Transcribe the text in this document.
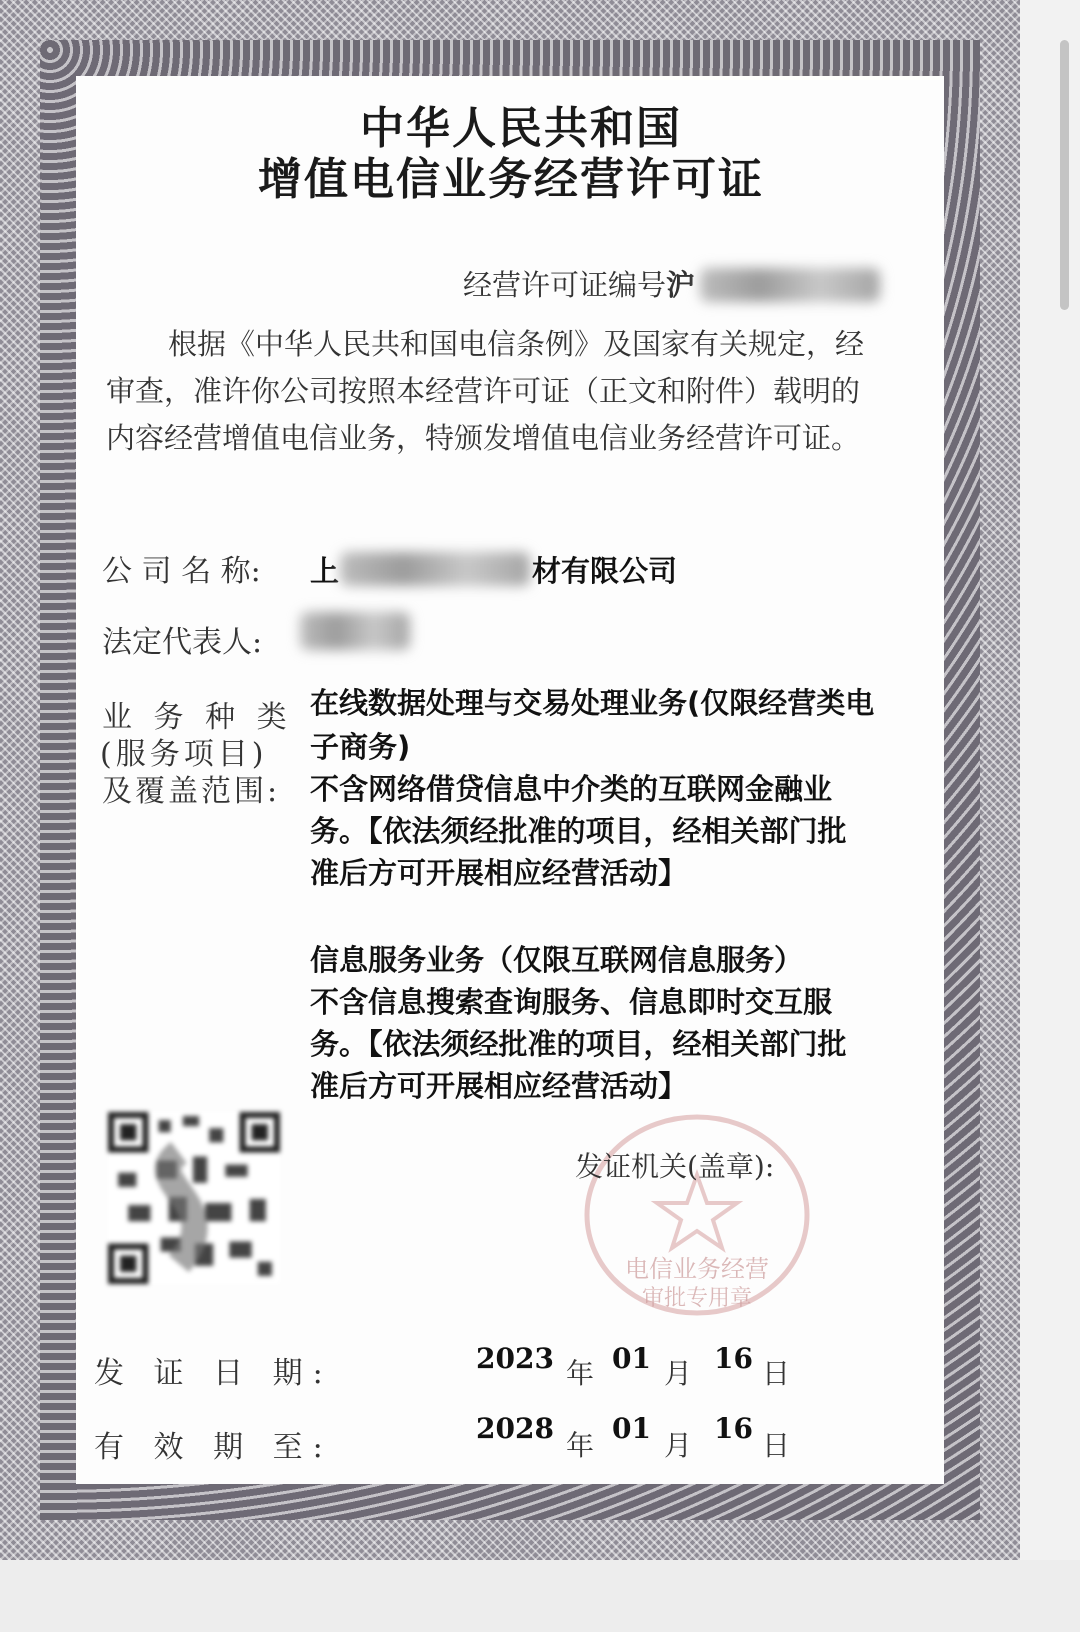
中华人民共和国
增值电信业务经营许可证
经营许可证编号沪
根据《中华人民共和国电信条例》及国家有关规定，经
审查，准许你公司按照本经营许可证（正文和附件）载明的
内容经营增值电信业务，特颁发增值电信业务经营许可证。
公 司 名 称: 上	材有限公司
法定代表人:
业 务 种 类
(服务项目)
及覆盖范围:
在线数据处理与交易处理业务(仅限经营类电
子商务)
不含网络借贷信息中介类的互联网金融业
务。【依法须经批准的项目，经相关部门批
准后方可开展相应经营活动】
信息服务业务（仅限互联网信息服务）
不含信息搜索查询服务、信息即时交互服
务。【依法须经批准的项目，经相关部门批
准后方可开展相应经营活动】
电信业务经营
审批专用章
发证机关(盖章):
发 证 日 期:	2023 年 01 月 16 日
有 效 期 至:
2028
年
01
月
16
日
